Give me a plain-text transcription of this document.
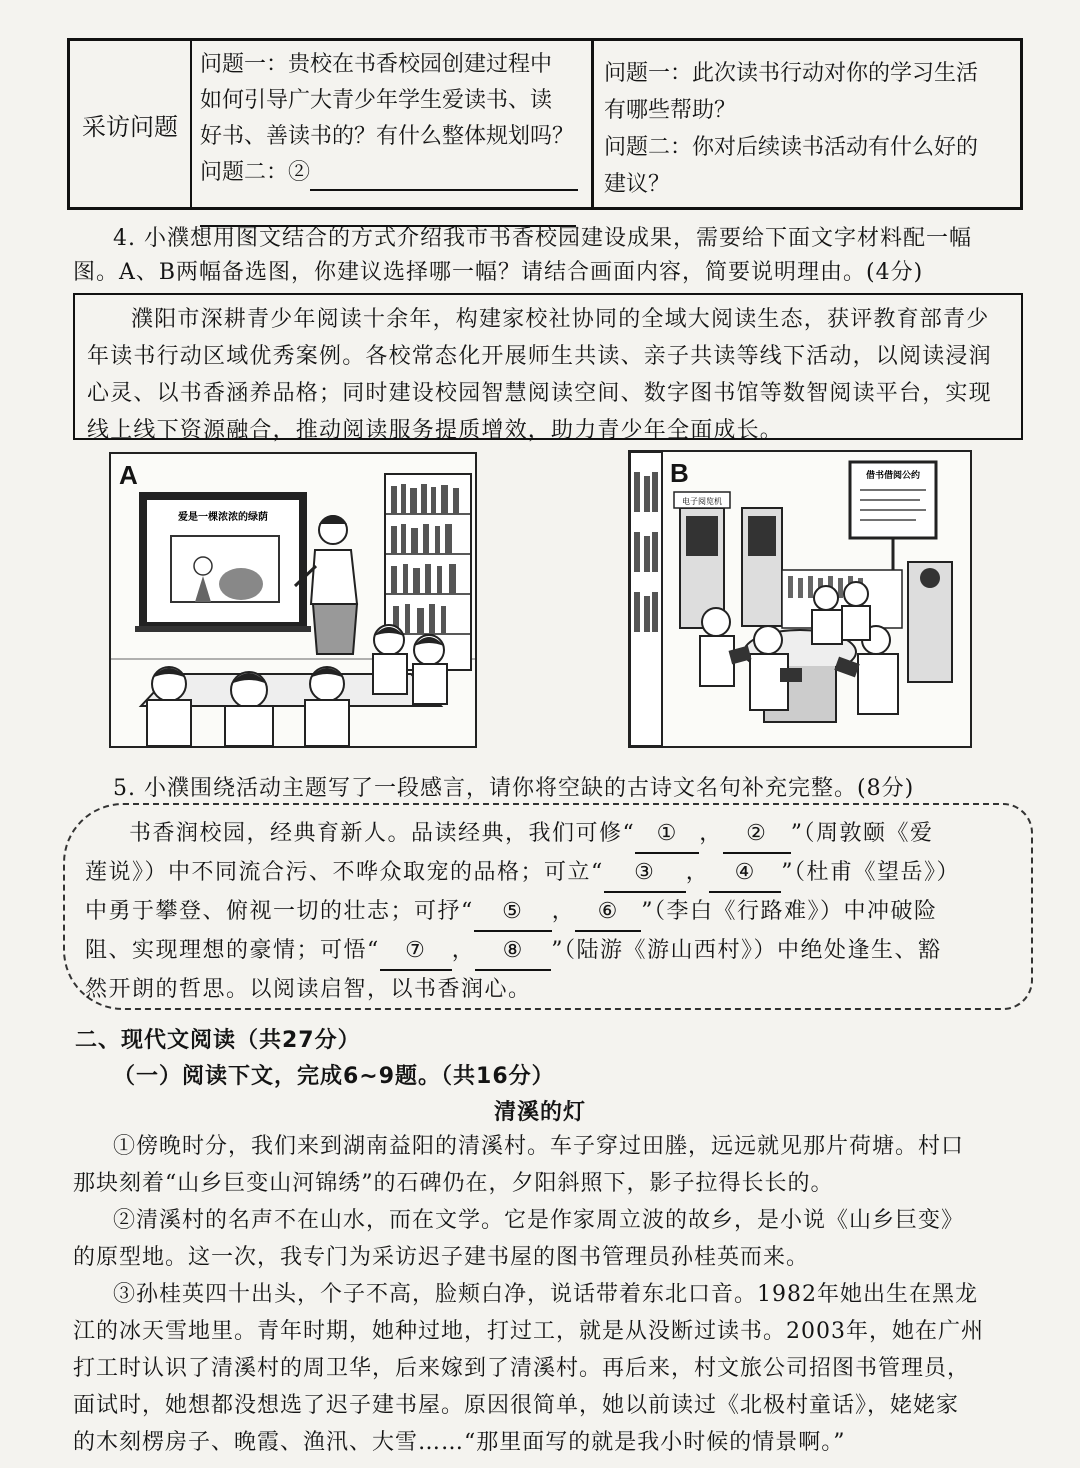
采访问题
问题一：贵校在书香校园创建过程中
如何引导广大青少年学生爱读书、读
好书、善读书的？有什么整体规划吗？
问题二：②
问题一：此次读书行动对你的学习生活
有哪些帮助？
问题二：你对后续读书活动有什么好的
建议？
4. 小濮想用图文结合的方式介绍我市书香校园建设成果，需要给下面文字材料配一幅
图。A、B两幅备选图，你建议选择哪一幅？请结合画面内容，简要说明理由。(4分)
濮阳市深耕青少年阅读十余年，构建家校社协同的全域大阅读生态，获评教育部青少年读书行动区域优秀案例。各校常态化开展师生共读、亲子共读等线下活动，以阅读浸润心灵、以书香涵养品格；同时建设校园智慧阅读空间、数字图书馆等数智阅读平台，实现线上线下资源融合，推动阅读服务提质增效，助力青少年全面成长。
A
爱是一棵浓浓的绿荫
B
电子阅览机
借书借阅公约
5. 小濮围绕活动主题写了一段感言，请你将空缺的古诗文名句补充完整。(8分)
书香润校园，经典育新人。品读经典，我们可修“ ① ， ② ”（周敦颐《爱
莲说》）中不同流合污、不哗众取宠的品格；可立“ ③ ， ④ ”（杜甫《望岳》）
中勇于攀登、俯视一切的壮志；可抒“ ⑤ ， ⑥ ”（李白《行路难》）中冲破险
阻、实现理想的豪情；可悟“ ⑦ ， ⑧ ”（陆游《游山西村》）中绝处逢生、豁
然开朗的哲思。以阅读启智，以书香润心。
二、现代文阅读（共27分）
（一）阅读下文，完成6~9题。（共16分）
清溪的灯
①傍晚时分，我们来到湖南益阳的清溪村。车子穿过田塍，远远就见那片荷塘。村口
那块刻着“山乡巨变山河锦绣”的石碑仍在，夕阳斜照下，影子拉得长长的。
②清溪村的名声不在山水，而在文学。它是作家周立波的故乡，是小说《山乡巨变》
的原型地。这一次，我专门为采访迟子建书屋的图书管理员孙桂英而来。
③孙桂英四十出头，个子不高，脸颊白净，说话带着东北口音。1982年她出生在黑龙
江的冰天雪地里。青年时期，她种过地，打过工，就是从没断过读书。2003年，她在广州
打工时认识了清溪村的周卫华，后来嫁到了清溪村。再后来，村文旅公司招图书管理员，
面试时，她想都没想选了迟子建书屋。原因很简单，她以前读过《北极村童话》，姥姥家
的木刻楞房子、晚霞、渔汛、大雪……“那里面写的就是我小时候的情景啊。”
